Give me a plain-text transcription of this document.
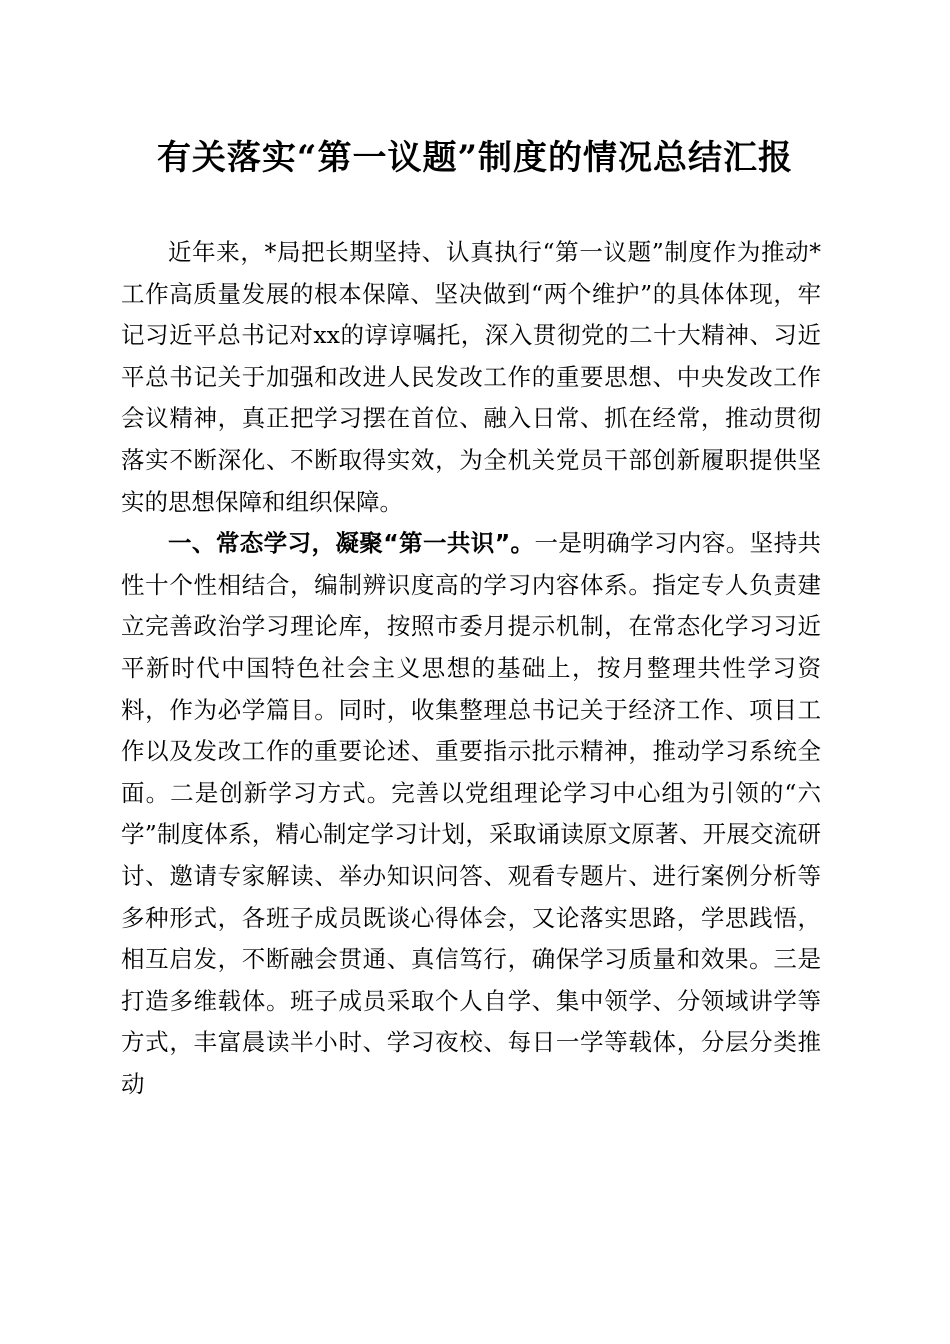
有关落实“第一议题”制度的情况总结汇报

近年来，*局把长期坚持、认真执行“第一议题”制度作为推动*工作高质量发展的根本保障、坚决做到“两个维护”的具体体现，牢记习近平总书记对xx的谆谆嘱托，深入贯彻党的二十大精神、习近平总书记关于加强和改进人民发改工作的重要思想、中央发改工作会议精神，真正把学习摆在首位、融入日常、抓在经常，推动贯彻落实不断深化、不断取得实效，为全机关党员干部创新履职提供坚实的思想保障和组织保障。

一、常态学习，凝聚“第一共识”。一是明确学习内容。坚持共性十个性相结合，编制辨识度高的学习内容体系。指定专人负责建立完善政治学习理论库，按照市委月提示机制，在常态化学习习近平新时代中国特色社会主义思想的基础上，按月整理共性学习资料，作为必学篇目。同时，收集整理总书记关于经济工作、项目工作以及发改工作的重要论述、重要指示批示精神，推动学习系统全面。二是创新学习方式。完善以党组理论学习中心组为引领的“六学”制度体系，精心制定学习计划，采取诵读原文原著、开展交流研讨、邀请专家解读、举办知识问答、观看专题片、进行案例分析等多种形式，各班子成员既谈心得体会，又论落实思路，学思践悟，相互启发，不断融会贯通、真信笃行，确保学习质量和效果。三是打造多维载体。班子成员采取个人自学、集中领学、分领域讲学等方式，丰富晨读半小时、学习夜校、每日一学等载体，分层分类推动
